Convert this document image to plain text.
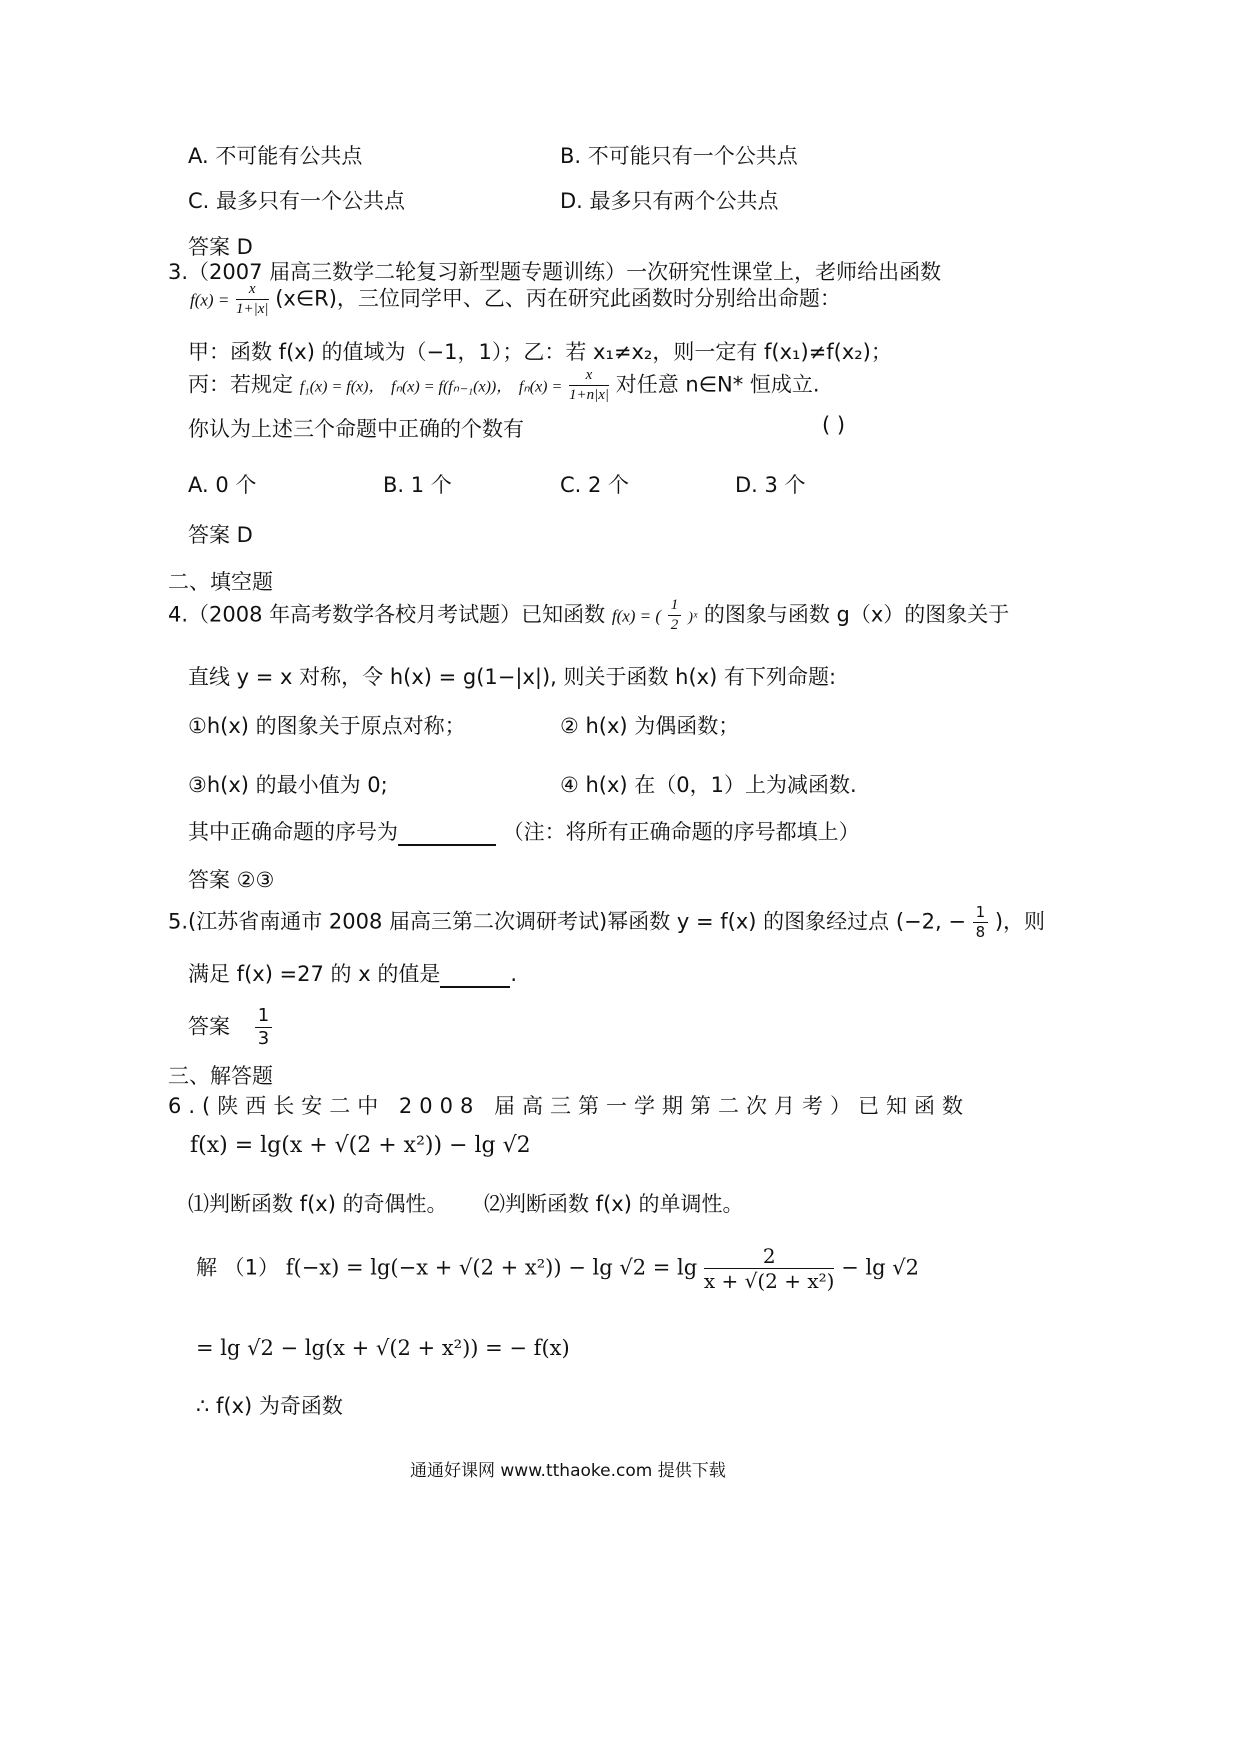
A. 不可能有公共点	B. 不可能只有一个公共点
C. 最多只有一个公共点	D. 最多只有两个公共点
答案 D
3.（2007 届高三数学二轮复习新型题专题训练）一次研究性课堂上，老师给出函数
$f(x) = \frac{x}{1+|x|}$ (x∈R)，三位同学甲、乙、丙在研究此函数时分别给出命题：
甲：函数 f(x) 的值域为（−1，1）；乙：若 x₁≠x₂，则一定有 f(x₁)≠f(x₂)；
丙：若规定 f₁(x) = f(x)， fₙ(x) = f(fₙ₋₁(x))， $f_n(x) = \frac{x}{1+n|x|}$ 对任意 n∈N* 恒成立.
你认为上述三个命题中正确的个数有	( )
A. 0 个	B. 1 个	C. 2 个	D. 3 个
答案 D
二、填空题
4.（2008 年高考数学各校月考试题）已知函数 f(x) = ( $\frac{1}{2}$ )ˣ 的图象与函数 g（x）的图象关于
直线 y = x 对称，令 h(x) = g(1−|x|), 则关于函数 h(x) 有下列命题:
①h(x) 的图象关于原点对称；	② h(x) 为偶函数；
③h(x) 的最小值为 0;	④ h(x) 在（0，1）上为减函数.
其中正确命题的序号为	（注：将所有正确命题的序号都填上）
答案 ②③
5.(江苏省南通市 2008 届高三第二次调研考试)幂函数 y = f(x) 的图象经过点 (−2, − $\frac{1}{8}$ )，则
满足 f(x) =27 的 x 的值是	.
答案 $\frac{1}{3}$
三、解答题
6.(陕西长安二中 2008 届高三第一学期第二次月考）已知函数
f(x) = lg(x + √(2 + x²)) − lg √2
⑴判断函数 f(x) 的奇偶性。 ⑵判断函数 f(x) 的单调性。
解 （1） $f(-x) = \lg(-x + √(2 + x^2)) - \lg √2 = \lg \frac{2}{\text{x + √(2 + x²)}} - \lg √2$
= lg √2 − lg(x + √(2 + x²)) = − f(x)
∴ f(x) 为奇函数
通通好课网 www.tthaoke.com 提供下载
